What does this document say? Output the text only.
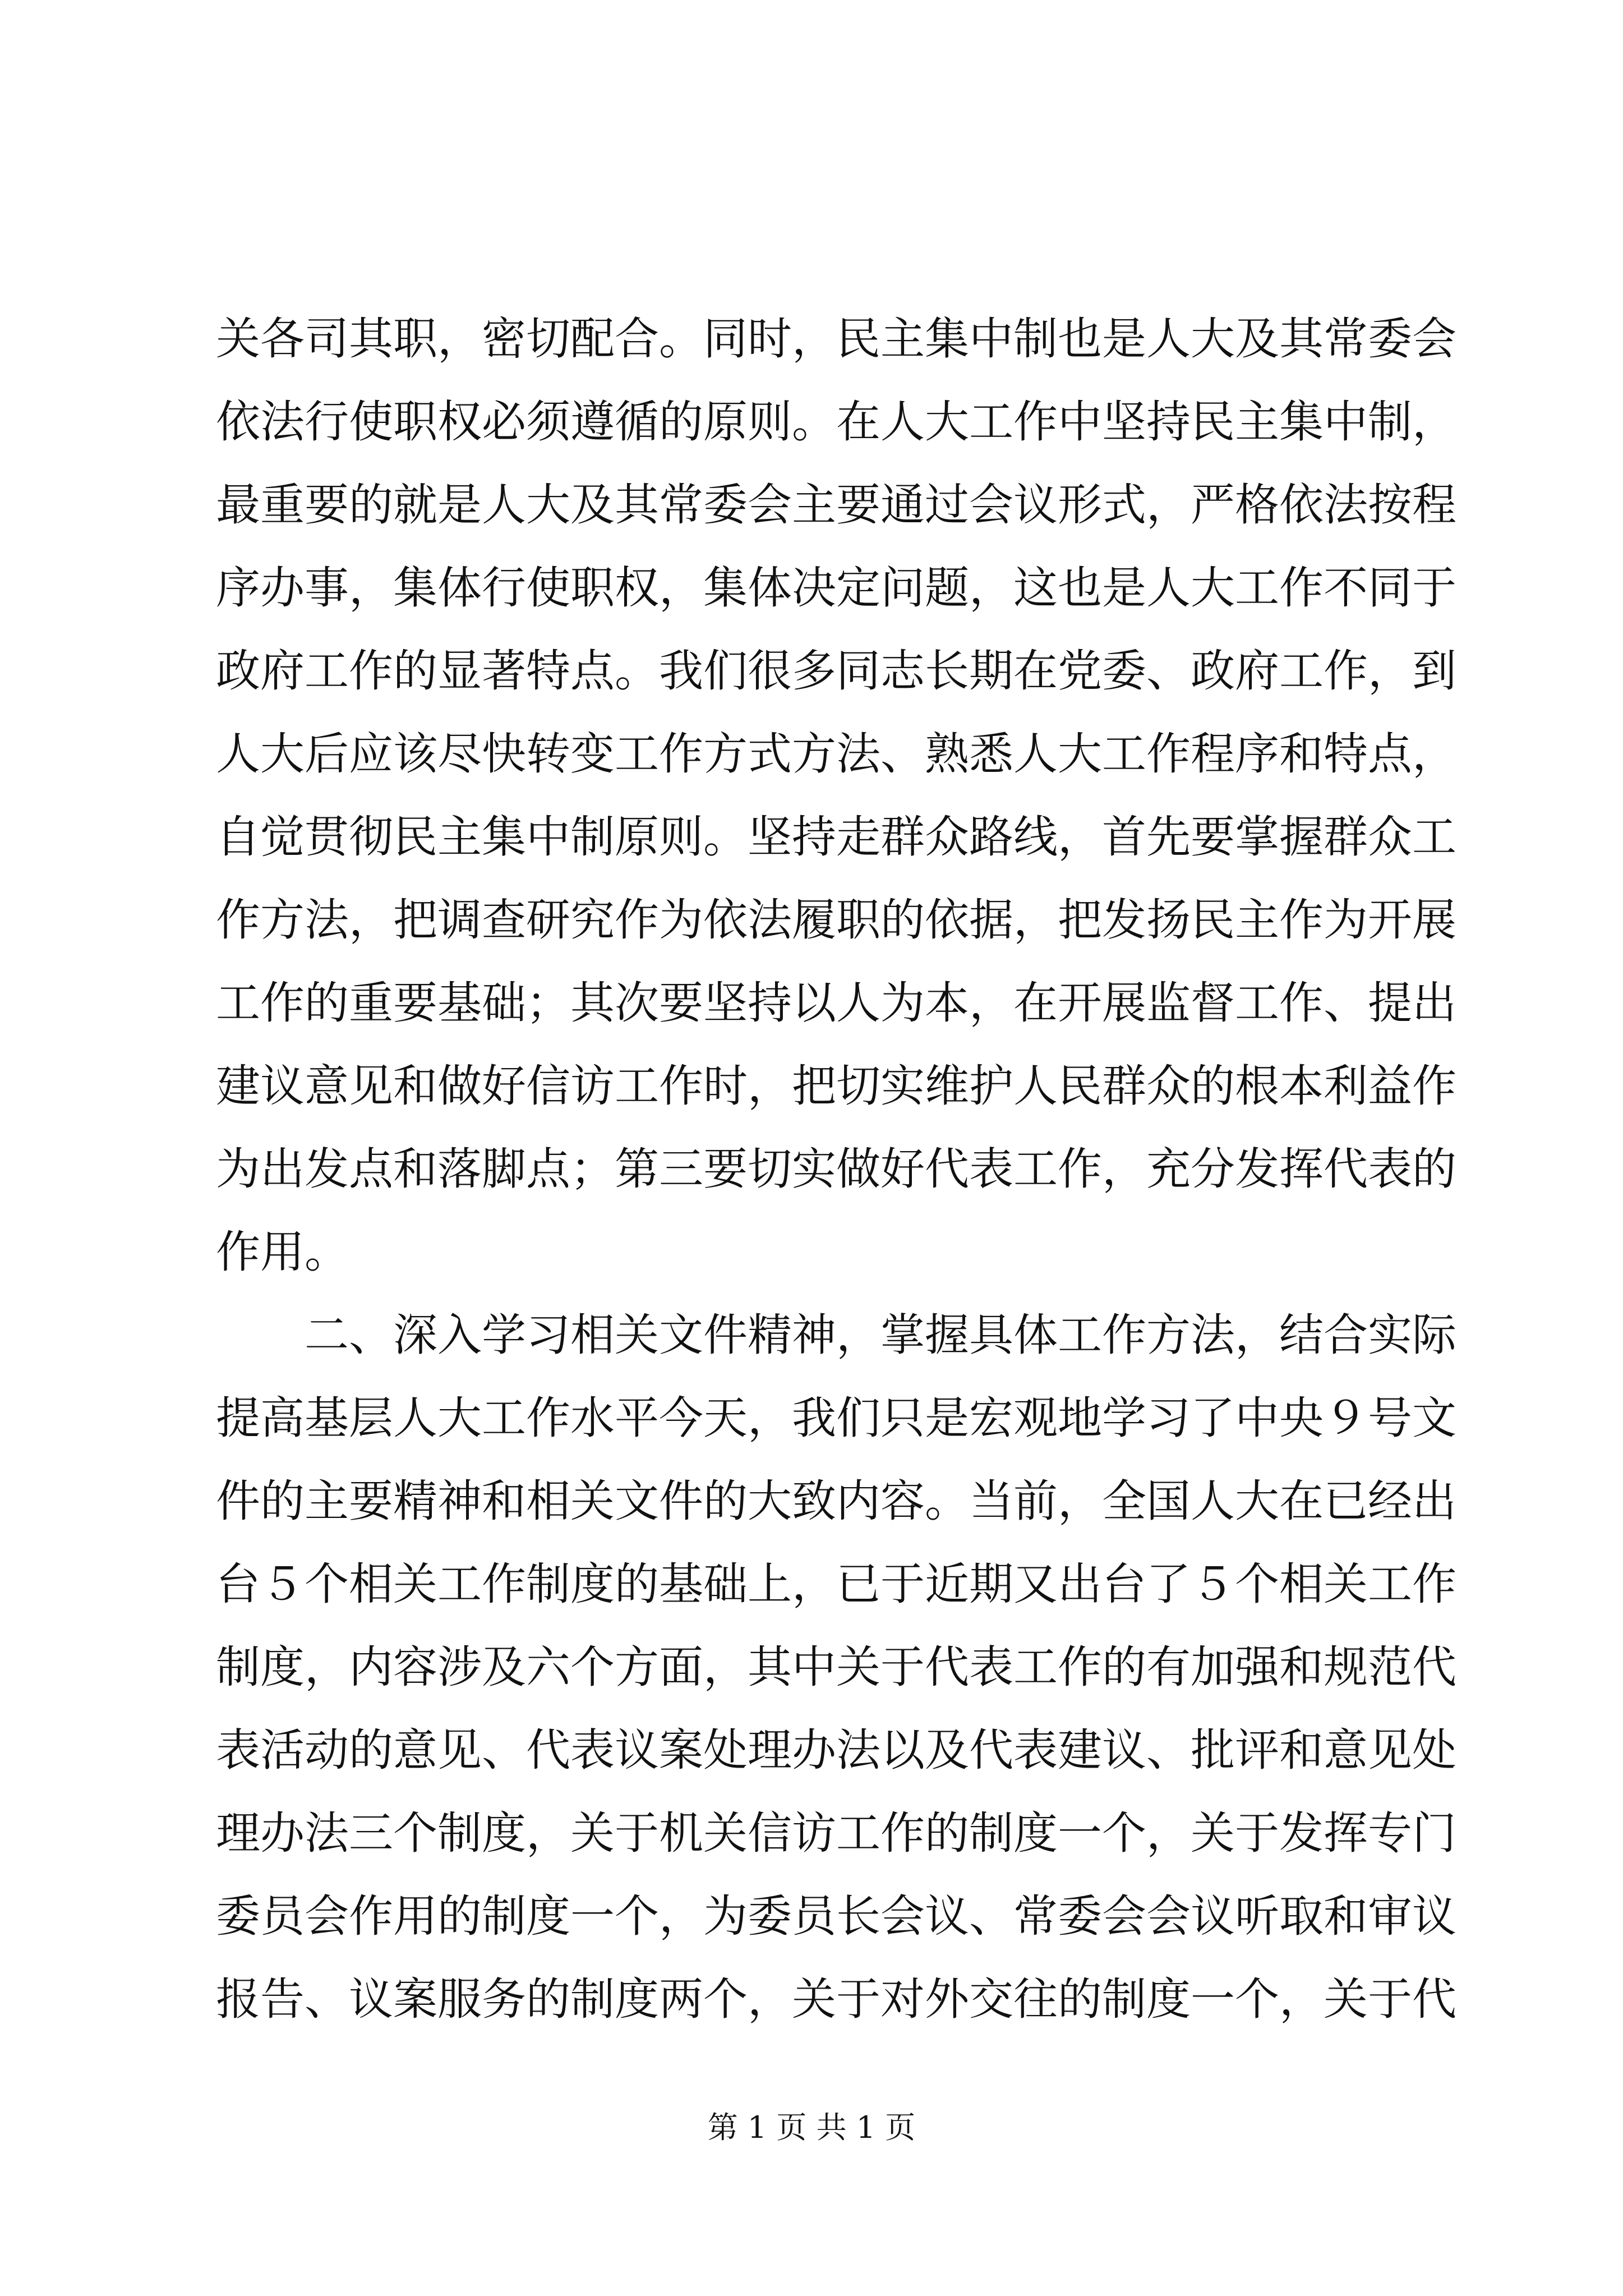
关各司其职，密切配合。同时，民主集中制也是人大及其常委会
依法行使职权必须遵循的原则。在人大工作中坚持民主集中制，
最重要的就是人大及其常委会主要通过会议形式，严格依法按程
序办事，集体行使职权，集体决定问题，这也是人大工作不同于
政府工作的显著特点。我们很多同志长期在党委、政府工作，到
人大后应该尽快转变工作方式方法、熟悉人大工作程序和特点，
自觉贯彻民主集中制原则。坚持走群众路线，首先要掌握群众工
作方法，把调查研究作为依法履职的依据，把发扬民主作为开展
工作的重要基础；其次要坚持以人为本，在开展监督工作、提出
建议意见和做好信访工作时，把切实维护人民群众的根本利益作
为出发点和落脚点；第三要切实做好代表工作，充分发挥代表的
作用。
　　二、深入学习相关文件精神，掌握具体工作方法，结合实际
提高基层人大工作水平今天，我们只是宏观地学习了中央９号文
件的主要精神和相关文件的大致内容。当前，全国人大在已经出
台５个相关工作制度的基础上，已于近期又出台了５个相关工作
制度，内容涉及六个方面，其中关于代表工作的有加强和规范代
表活动的意见、代表议案处理办法以及代表建议、批评和意见处
理办法三个制度，关于机关信访工作的制度一个，关于发挥专门
委员会作用的制度一个，为委员长会议、常委会会议听取和审议
报告、议案服务的制度两个，关于对外交往的制度一个，关于代
第 1 页 共 1 页
